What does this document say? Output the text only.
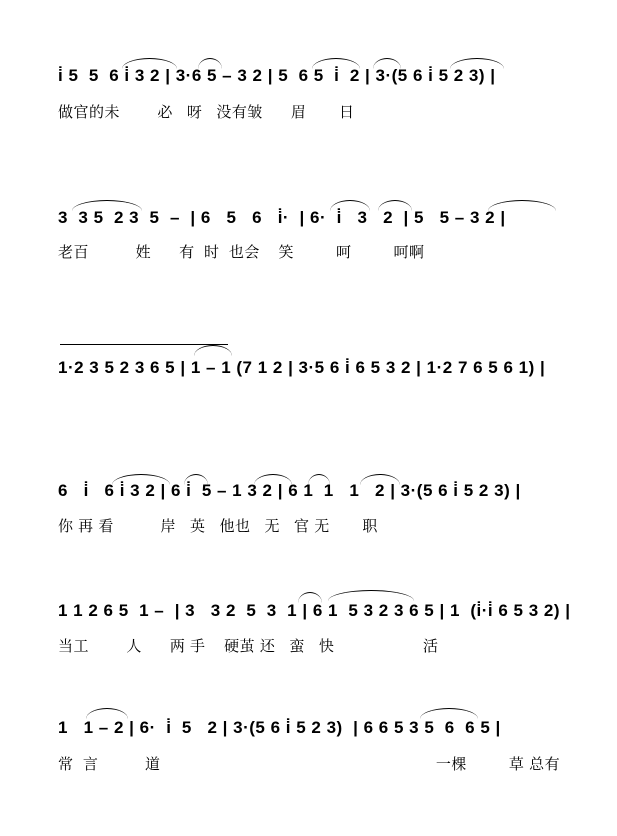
i̇ 5  5  6 i̇ 3 2 | 3·6 5 – 3 2 | 5  6 5  i̇  2 | 3·(5 6 i̇ 5 2 3) |
做官的未        必   呀   没有皱      眉       日
3  3 5  2 3  5  –  | 6   5   6   i̇·  | 6·  i̇   3   2  | 5   5 – 3 2 |
老百          姓      有  时  也会    笑         呵         呵啊
1·2 3 5 2 3 6 5 | 1 – 1 (7 1 2 | 3·5 6 i̇ 6 5 3 2 | 1·2 7 6 5 6 1) |
6   i̇   6 i̇ 3 2 | 6 i̇  5 – 1 3 2 | 6 1  1   1   2 | 3·(5 6 i̇ 5 2 3) |
你 再 看          岸   英   他也   无   官 无       职
1 1 2 6 5  1 –  | 3   3 2  5  3  1 | 6 1  5 3 2 3 6 5 | 1  (i̇·i̇ 6 5 3 2) |
当工        人      两 手    硬茧 还   蛮   快                   活
1   1 – 2 | 6·  i̇  5   2 | 3·(5 6 i̇ 5 2 3)  | 6 6 5 3 5  6  6 5 |
常  言          道                                                           一棵         草 总有
